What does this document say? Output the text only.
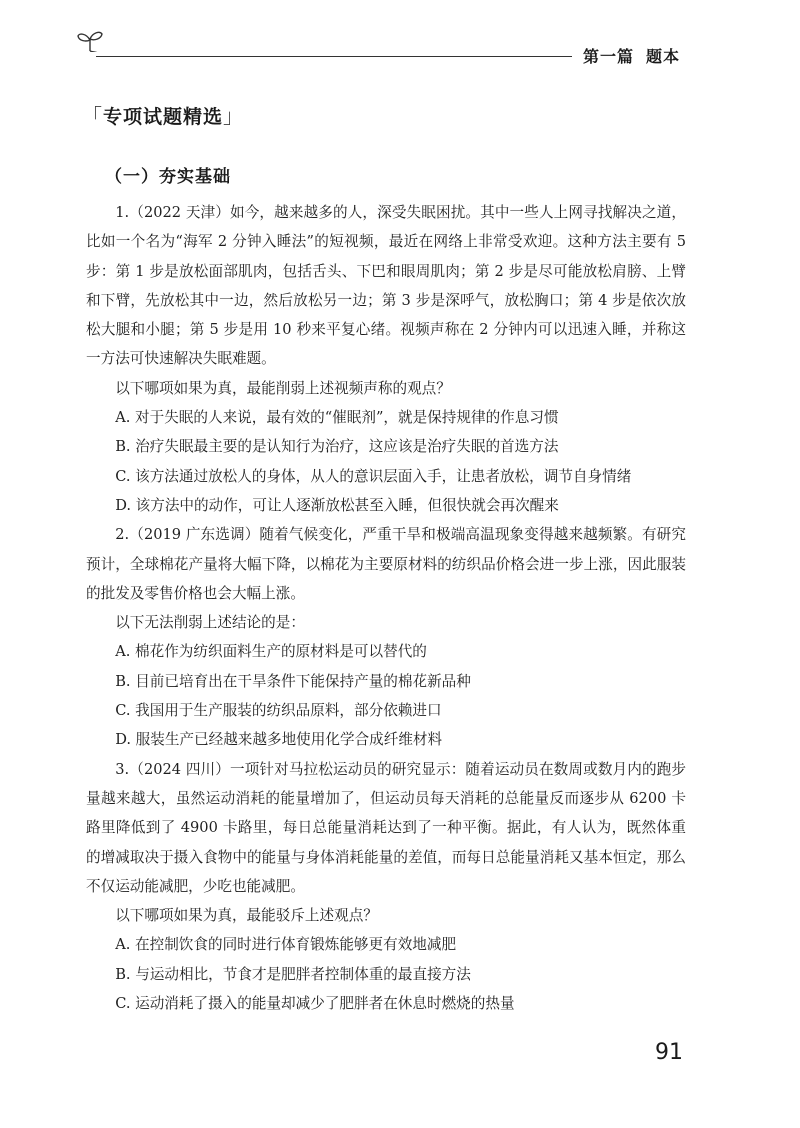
第一篇 题本
「专项试题精选」
（一）夯实基础

1.（2022 天津）如今，越来越多的人，深受失眠困扰。其中一些人上网寻找解决之道，比如一个名为“海军 2 分钟入睡法”的短视频，最近在网络上非常受欢迎。这种方法主要有 5 步：第 1 步是放松面部肌肉，包括舌头、下巴和眼周肌肉；第 2 步是尽可能放松肩膀、上臂和下臂，先放松其中一边，然后放松另一边；第 3 步是深呼气，放松胸口；第 4 步是依次放松大腿和小腿；第 5 步是用 10 秒来平复心绪。视频声称在 2 分钟内可以迅速入睡，并称这一方法可快速解决失眠难题。

以下哪项如果为真，最能削弱上述视频声称的观点？

A. 对于失眠的人来说，最有效的“催眠剂”，就是保持规律的作息习惯

B. 治疗失眠最主要的是认知行为治疗，这应该是治疗失眠的首选方法

C. 该方法通过放松人的身体，从人的意识层面入手，让患者放松，调节自身情绪

D. 该方法中的动作，可让人逐渐放松甚至入睡，但很快就会再次醒来

2.（2019 广东选调）随着气候变化，严重干旱和极端高温现象变得越来越频繁。有研究预计，全球棉花产量将大幅下降，以棉花为主要原材料的纺织品价格会进一步上涨，因此服装的批发及零售价格也会大幅上涨。

以下无法削弱上述结论的是：

A. 棉花作为纺织面料生产的原材料是可以替代的

B. 目前已培育出在干旱条件下能保持产量的棉花新品种

C. 我国用于生产服装的纺织品原料，部分依赖进口

D. 服装生产已经越来越多地使用化学合成纤维材料

3.（2024 四川）一项针对马拉松运动员的研究显示：随着运动员在数周或数月内的跑步量越来越大，虽然运动消耗的能量增加了，但运动员每天消耗的总能量反而逐步从 6200 卡路里降低到了 4900 卡路里，每日总能量消耗达到了一种平衡。据此，有人认为，既然体重的增减取决于摄入食物中的能量与身体消耗能量的差值，而每日总能量消耗又基本恒定，那么不仅运动能减肥，少吃也能减肥。

以下哪项如果为真，最能驳斥上述观点？

A. 在控制饮食的同时进行体育锻炼能够更有效地减肥

B. 与运动相比，节食才是肥胖者控制体重的最直接方法

C. 运动消耗了摄入的能量却减少了肥胖者在休息时燃烧的热量

91
